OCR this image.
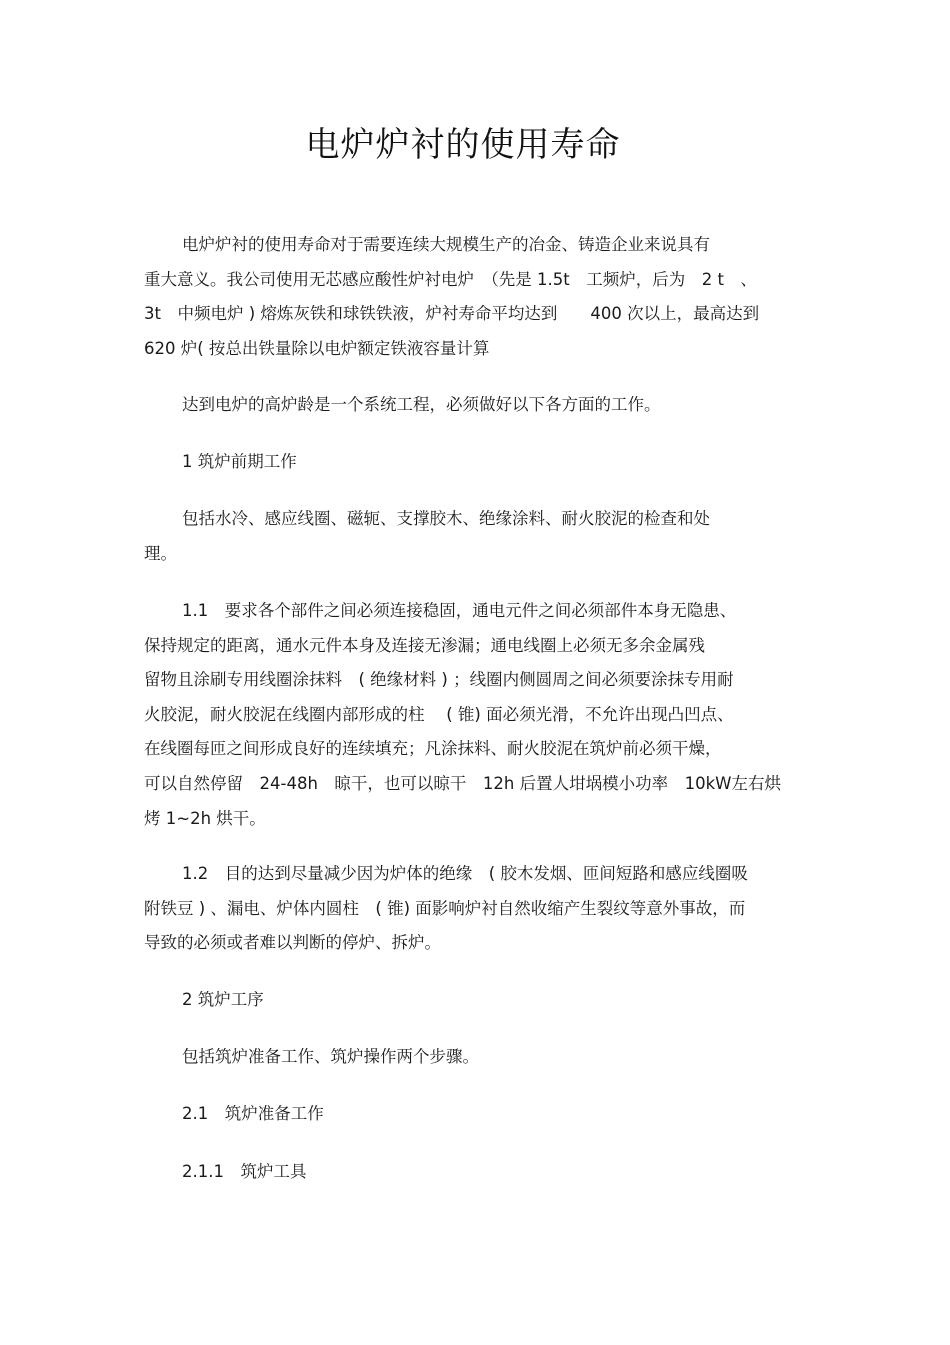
电炉炉衬的使用寿命
电炉炉衬的使用寿命对于需要连续大规模生产的冶金、铸造企业来说具有
重大意义。我公司使用无芯感应酸性炉衬电炉　（先是 1.5t　工频炉，后为　2 t　、
3t　中频电炉 ) 熔炼灰铁和球铁铁液，炉衬寿命平均达到　　400 次以上，最高达到
620 炉( 按总出铁量除以电炉额定铁液容量计算
达到电炉的高炉龄是一个系统工程，必须做好以下各方面的工作。
1 筑炉前期工作
包括水冷、感应线圈、磁轭、支撑胶木、绝缘涂料、耐火胶泥的检查和处
理。
1.1　要求各个部件之间必须连接稳固，通电元件之间必须部件本身无隐患、
保持规定的距离，通水元件本身及连接无渗漏；通电线圈上必须无多余金属残
留物且涂刷专用线圈涂抹料　( 绝缘材料 ) ；线圈内侧圆周之间必须要涂抹专用耐
火胶泥，耐火胶泥在线圈内部形成的柱　 ( 锥) 面必须光滑，不允许出现凸凹点、
在线圈每匝之间形成良好的连续填充；凡涂抹料、耐火胶泥在筑炉前必须干燥，
可以自然停留　24-48h　晾干，也可以晾干　12h 后置人坩埚模小功率　10kW左右烘
烤 1~2h 烘干。
1.2　目的达到尽量减少因为炉体的绝缘　( 胶木发烟、匝间短路和感应线圈吸
附铁豆 ) 、漏电、炉体内圆柱　( 锥) 面影响炉衬自然收缩产生裂纹等意外事故，而
导致的必须或者难以判断的停炉、拆炉。
2 筑炉工序
包括筑炉准备工作、筑炉操作两个步骤。
2.1　筑炉准备工作
2.1.1　筑炉工具
